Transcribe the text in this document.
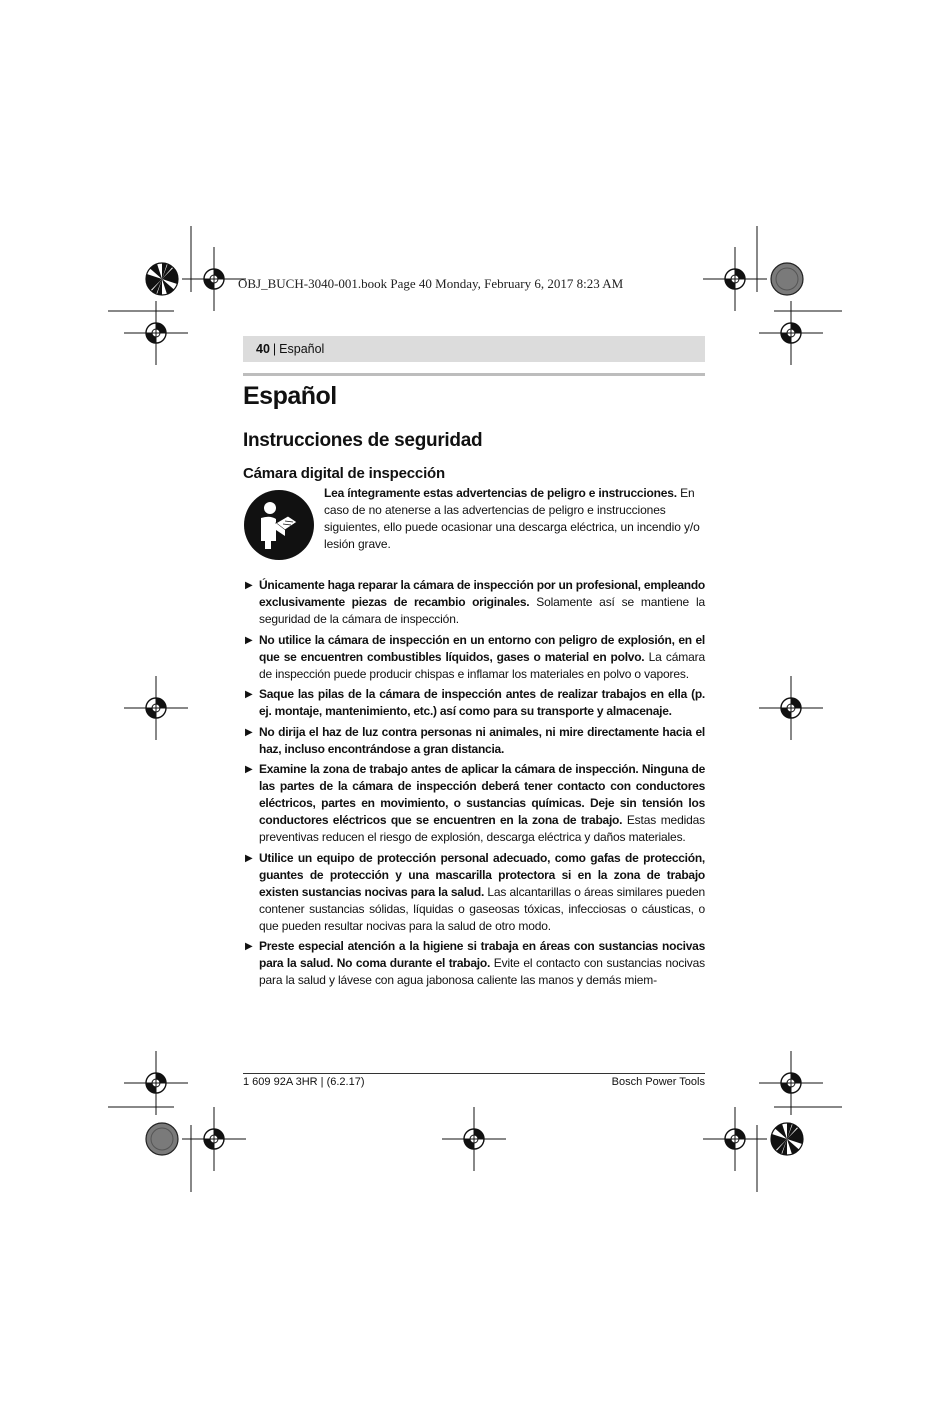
OBJ_BUCH-3040-001.book Page 40 Monday, February 6, 2017 8:23 AM
40 | Español
Español
Instrucciones de seguridad
Cámara digital de inspección
Lea íntegramente estas advertencias de peligro e instrucciones. En caso de no atenerse a las advertencias de peligro e instrucciones siguientes, ello puede ocasionar una descarga eléctrica, un incendio y/o lesión grave.
▶ Únicamente haga reparar la cámara de inspección por un profesional, empleando exclusivamente piezas de recambio originales. Solamente así se mantiene la seguridad de la cámara de inspección.
▶ No utilice la cámara de inspección en un entorno con peligro de explosión, en el que se encuentren combustibles líquidos, gases o material en polvo. La cámara de inspección puede producir chispas e inflamar los materiales en polvo o vapores.
▶ Saque las pilas de la cámara de inspección antes de realizar trabajos en ella (p. ej. montaje, mantenimiento, etc.) así como para su transporte y almacenaje.
▶ No dirija el haz de luz contra personas ni animales, ni mire directamente hacia el haz, incluso encontrándose a gran distancia.
▶ Examine la zona de trabajo antes de aplicar la cámara de inspección. Ninguna de las partes de la cámara de inspección deberá tener contacto con conductores eléctricos, partes en movimiento, o sustancias químicas. Deje sin tensión los conductores eléctricos que se encuentren en la zona de trabajo. Estas medidas preventivas reducen el riesgo de explosión, descarga eléctrica y daños materiales.
▶ Utilice un equipo de protección personal adecuado, como gafas de protección, guantes de protección y una mascarilla protectora si en la zona de trabajo existen sustancias nocivas para la salud. Las alcantarillas o áreas similares pueden contener sustancias sólidas, líquidas o gaseosas tóxicas, infecciosas o cáusticas, o que pueden resultar nocivas para la salud de otro modo.
▶ Preste especial atención a la higiene si trabaja en áreas con sustancias nocivas para la salud. No coma durante el trabajo. Evite el contacto con sustancias nocivas para la salud y lávese con agua jabonosa caliente las manos y demás miem-
1 609 92A 3HR | (6.2.17)	Bosch Power Tools
